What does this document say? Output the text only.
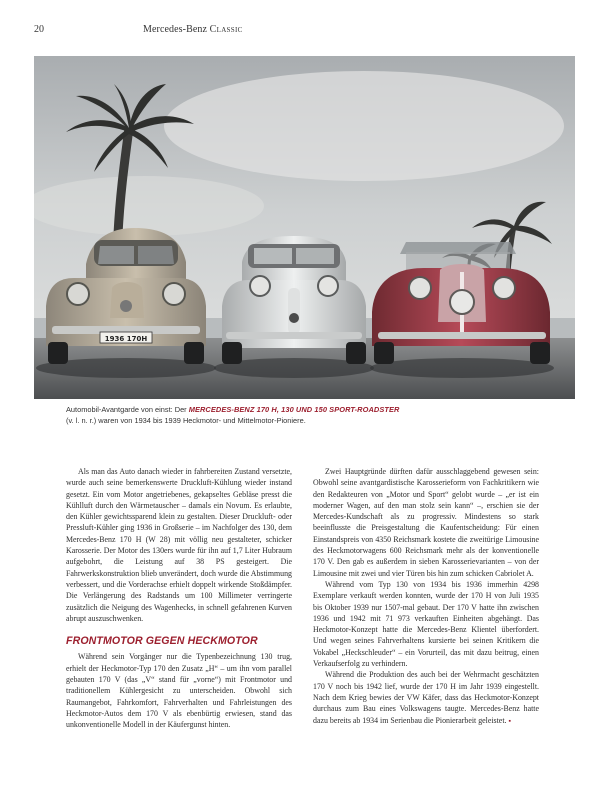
20	Mercedes-Benz Classic
1936 170H
Automobil-Avantgarde von einst: Der MERCEDES-BENZ 170 H, 130 UND 150 SPORT-ROADSTER
(v. l. n. r.) waren von 1934 bis 1939 Heckmotor- und Mittelmotor-Pioniere.

Als man das Auto danach wieder in fahrbereiten Zustand versetzte, wurde auch seine bemerkenswerte Druckluft-Kühlung wieder instand gesetzt. Ein vom Motor angetriebenes, gekapseltes Gebläse presst die Kühlluft durch den Wärmetauscher – damals ein Novum. Es erlaubte, den Kühler gewichtssparend klein zu gestalten. Dieser Druckluft- oder Pressluft-Kühler ging 1936 in Großserie – im Nachfolger des 130, dem Mercedes-Benz 170 H (W 28) mit völlig neu gestalteter, schicker Karosserie. Der Motor des 130ers wurde für ihn auf 1,7 Liter Hubraum aufgebohrt, die Leistung auf 38 PS gesteigert. Die Fahrwerkskonstruktion blieb unverändert, doch wurde die Abstimmung verbessert, und die Vorderachse erhielt doppelt wirkende Stoßdämpfer. Die Verlängerung des Radstands um 100 Millimeter verringerte zusätzlich die Neigung des Wagenhecks, in schnell gefahrenen Kurven abrupt auszuschwenken.

FRONTMOTOR GEGEN HECKMOTOR

Während sein Vorgänger nur die Typenbezeichnung 130 trug, erhielt der Heckmotor-Typ 170 den Zusatz „H“ – um ihn vom parallel gebauten 170 V (das „V“ stand für „vorne“) mit Frontmotor und traditionellem Kühlergesicht zu unterscheiden. Obwohl sich Raumangebot, Fahrkomfort, Fahrverhalten und Fahrleistungen des Heckmotor-Autos dem 170 V als ebenbürtig erwiesen, stand das unkonventionelle Modell in der Käufergunst hinten.

Zwei Hauptgründe dürften dafür ausschlaggebend gewesen sein: Obwohl seine avantgardistische Karosserieform von Fachkritikern wie den Redakteuren von „Motor und Sport“ gelobt wurde – „er ist ein moderner Wagen, auf den man stolz sein kann“ –, erschien sie der Mercedes-Kundschaft als zu progressiv. Mindestens so stark beeinflusste die Preisgestaltung die Kaufentscheidung: Für einen Einstandspreis von 4350 Reichsmark kostete die zweitürige Limousine des Heckmotorwagens 600 Reichsmark mehr als der konventionelle 170 V. Den gab es außerdem in sieben Karosserievarianten – von der Limousine mit zwei und vier Türen bis hin zum schicken Cabriolet A.

Während vom Typ 130 von 1934 bis 1936 immerhin 4298 Exemplare verkauft werden konnten, wurde der 170 H von Juli 1935 bis Oktober 1939 nur 1507-mal gebaut. Der 170 V hatte ihn zwischen 1936 und 1942 mit 71 973 verkauften Einheiten abgehängt. Das Heckmotor-Konzept hatte die Mercedes-Benz Klientel überfordert. Und wegen seines Fahrverhaltens kursierte bei seinen Kritikern die Vokabel „Heckschleuder“ – ein Vorurteil, das mit dazu beitrug, einen Verkaufserfolg zu verhindern.

Während die Produktion des auch bei der Wehrmacht geschätzten 170 V noch bis 1942 lief, wurde der 170 H im Jahr 1939 eingestellt. Nach dem Krieg bewies der VW Käfer, dass das Heckmotor-Konzept durchaus zum Bau eines Volkswagens taugte. Mercedes-Benz hatte dazu bereits ab 1934 im Serienbau die Pionierarbeit geleistet. ▪
